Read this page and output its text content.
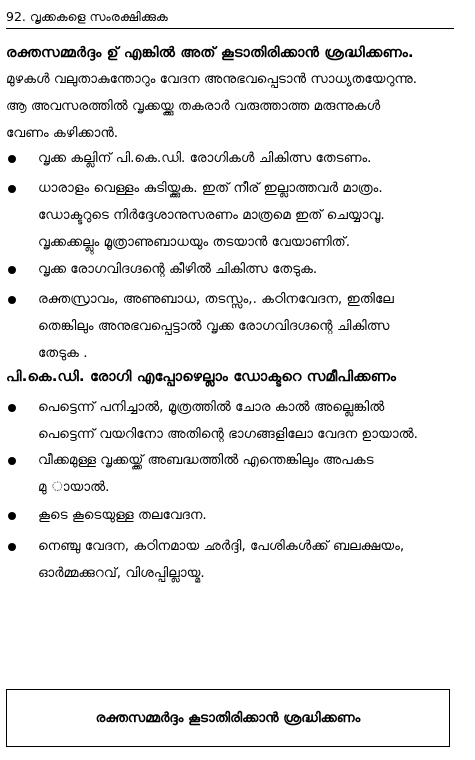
92. വൃക്കകളെ സംരക്ഷിക്കുക
രക്തസമ്മർദ്ദം ഉ് എങ്കിൽ അത് കൂടാതിരിക്കാൻ ശ്രദ്ധിക്കണം.
മുഴകൾ വലുതാകുന്തോറും വേദന അനുഭവപ്പെടാൻ സാധ്യതയേറുന്നു.
ആ അവസരത്തിൽ വൃക്കയ്ക്കു തകരാർ വരുത്താത്ത മരുന്നുകൾ
വേണം കഴിക്കാൻ.
വൃക്ക കല്ലിന് പി.കെ.ഡി. രോഗികൾ ചികിത്സ തേടണം.
ധാരാളം വെള്ളം കുടിയ്ക്കുക. ഇത് നീര് ഇല്ലാത്തവർ മാത്രം.
ഡോക്ടറുടെ നിർദ്ദേശാനുസരണം മാത്രമെ ഇത് ചെയ്യാവൂ.
വൃക്കക്കല്ലും മൂത്രാണുബാധയും തടയാൻ വേയാണിത്.
വൃക്ക രോഗവിദഗ്ദന്റെ കീഴിൽ ചികിത്സ തേടുക.
രക്തസ്രാവം, അണുബാധ, തടസ്സം,. കഠിനവേദന, ഇതിലേ
തെങ്കിലും അനുഭവപ്പെട്ടാൽ വൃക്ക രോഗവിദഗ്ദന്റെ ചികിത്സ
തേടുക .
പി.കെ.ഡി. രോഗി എപ്പോഴെല്ലാം ഡോക്ടറെ സമീപിക്കണം
പെട്ടെന്ന് പനിച്ചാൽ, മൂത്രത്തിൽ ചോര കാൽ അല്ലെങ്കിൽ
പെട്ടെന്ന് വയറിനോ അതിന്റെ ഭാഗങ്ങളിലോ വേദന ഉായാൽ.
വീക്കമുള്ള വൃക്കയ്ക്ക് അബദ്ധത്തിൽ എന്തെങ്കിലും അപകട
മു ായാൽ.
കൂടെ കൂടെയുള്ള തലവേദന.
നെഞ്ചു വേദന, കഠിനമായ ഛർദ്ദി, പേശികൾക്ക് ബലക്ഷയം,
ഓർമ്മക്കുറവ്, വിശപ്പില്ലായ്മ.
രക്തസമ്മർദ്ദം കൂടാതിരിക്കാൻ ശ്രദ്ധിക്കണം
